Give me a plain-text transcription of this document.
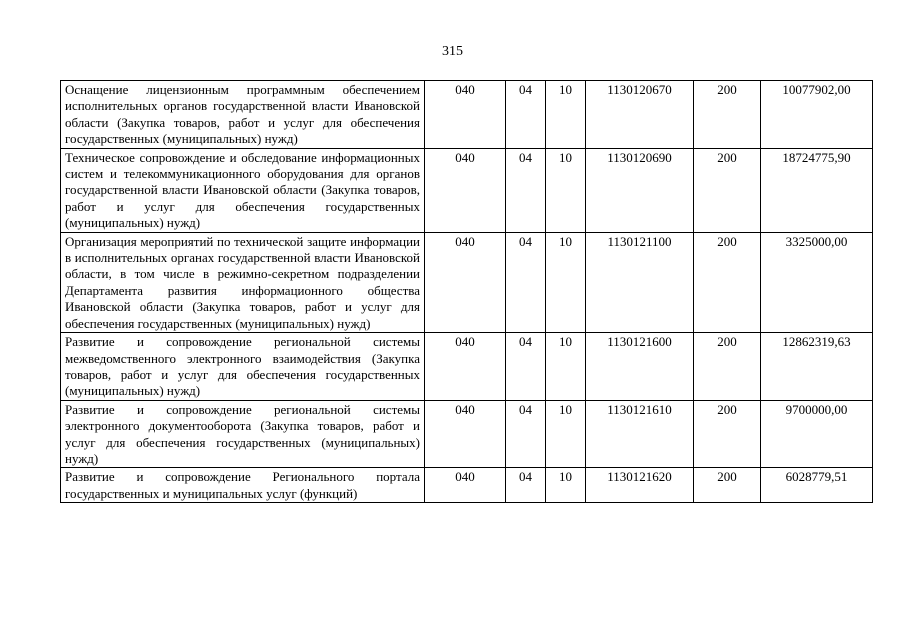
315
Оснащение лицензионным программным обеспечением исполнительных органов государственной власти Ивановской области (Закупка товаров, работ и услуг для обеспечения государственных (муниципальных) нужд)	040	04	10	1130120670	200	10077902,00
Техническое сопровождение и обследование информационных систем и телекоммуникационного оборудования для органов государственной власти Ивановской области (Закупка товаров, работ и услуг для обеспечения государственных (муниципальных) нужд)	040	04	10	1130120690	200	18724775,90
Организация мероприятий по технической защите информации в исполнительных органах государственной власти Ивановской области, в том числе в режимно-секретном подразделении Департамента развития информационного общества Ивановской области (Закупка товаров, работ и услуг для обеспечения государственных (муниципальных) нужд)	040	04	10	1130121100	200	3325000,00
Развитие и сопровождение региональной системы межведомственного электронного взаимодействия (Закупка товаров, работ и услуг для обеспечения государственных (муниципальных) нужд)	040	04	10	1130121600	200	12862319,63
Развитие и сопровождение региональной системы электронного документооборота (Закупка товаров, работ и услуг для обеспечения государственных (муниципальных) нужд)	040	04	10	1130121610	200	9700000,00
Развитие и сопровождение Регионального портала государственных и муниципальных услуг (функций)	040	04	10	1130121620	200	6028779,51
